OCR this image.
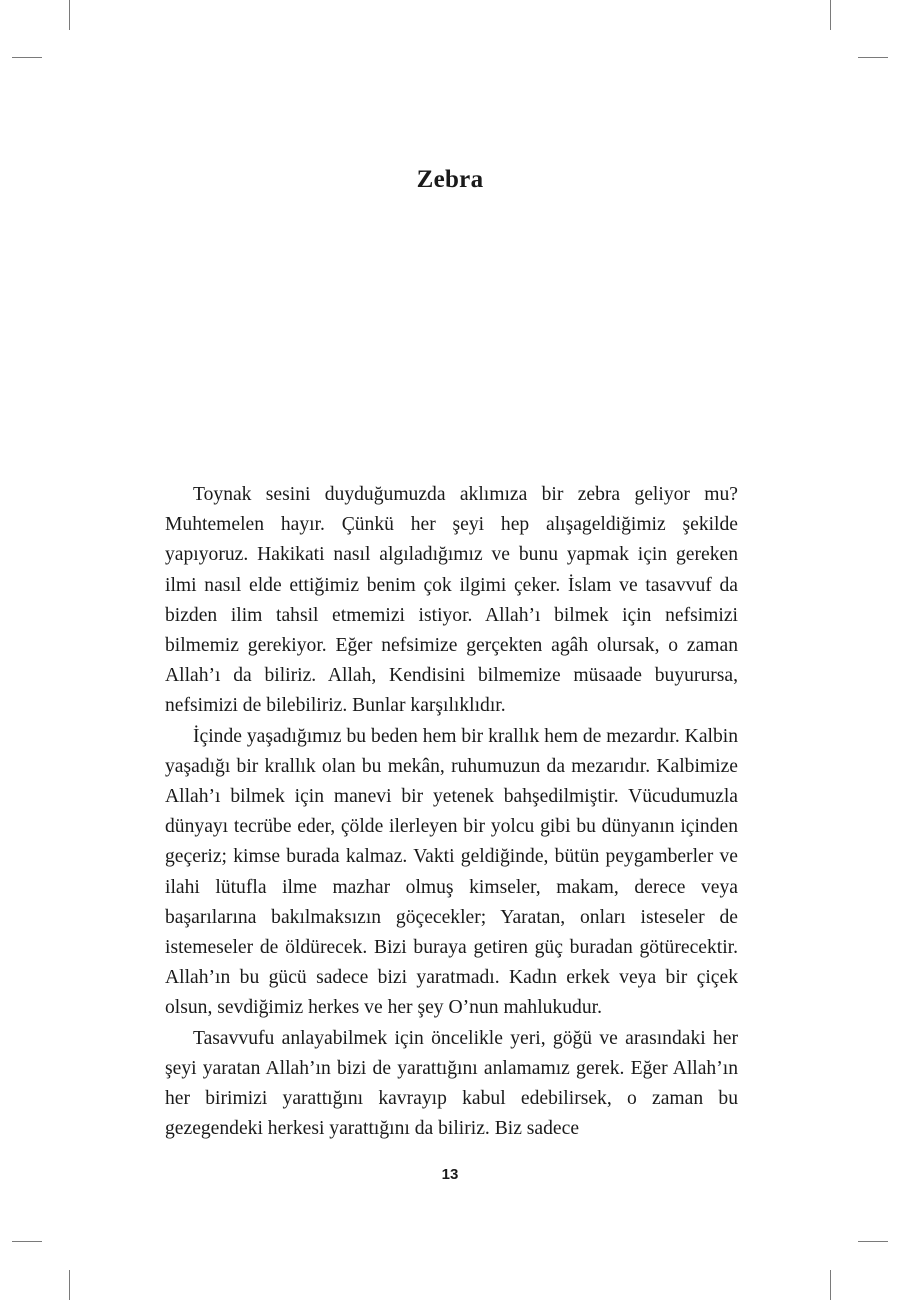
Zebra

Toynak sesini duyduğumuzda aklımıza bir zebra geliyor mu? Muhtemelen hayır. Çünkü her şeyi hep alışageldiğimiz şekilde yapıyoruz. Hakikati nasıl algıladığımız ve bunu yapmak için gereken ilmi nasıl elde ettiğimiz benim çok ilgimi çeker. İslam ve tasavvuf da bizden ilim tahsil etmemizi istiyor. Allah’ı bilmek için nefsimizi bilmemiz gerekiyor. Eğer nefsimize gerçekten agâh olursak, o zaman Allah’ı da biliriz. Allah, Kendisini bilmemize müsaade buyurursa, nefsimizi de bilebiliriz. Bunlar karşılıklıdır.

İçinde yaşadığımız bu beden hem bir krallık hem de mezardır. Kalbin yaşadığı bir krallık olan bu mekân, ruhumuzun da mezarıdır. Kalbimize Allah’ı bilmek için manevi bir yetenek bahşedilmiştir. Vücudumuzla dünyayı tecrübe eder, çölde ilerleyen bir yolcu gibi bu dünyanın içinden geçeriz; kimse burada kalmaz. Vakti geldiğinde, bütün peygamberler ve ilahi lütufla ilme mazhar olmuş kimseler, makam, derece veya başarılarına bakılmaksızın göçecekler; Yaratan, onları isteseler de istemeseler de öldürecek. Bizi buraya getiren güç buradan götürecektir. Allah’ın bu gücü sadece bizi yaratmadı. Kadın erkek veya bir çiçek olsun, sevdiğimiz herkes ve her şey O’nun mahlukudur.

Tasavvufu anlayabilmek için öncelikle yeri, göğü ve arasındaki her şeyi yaratan Allah’ın bizi de yarattığını anlamamız gerek. Eğer Allah’ın her birimizi yarattığını kavrayıp kabul edebilirsek, o zaman bu gezegendeki herkesi yarattığını da biliriz. Biz sadece

13
